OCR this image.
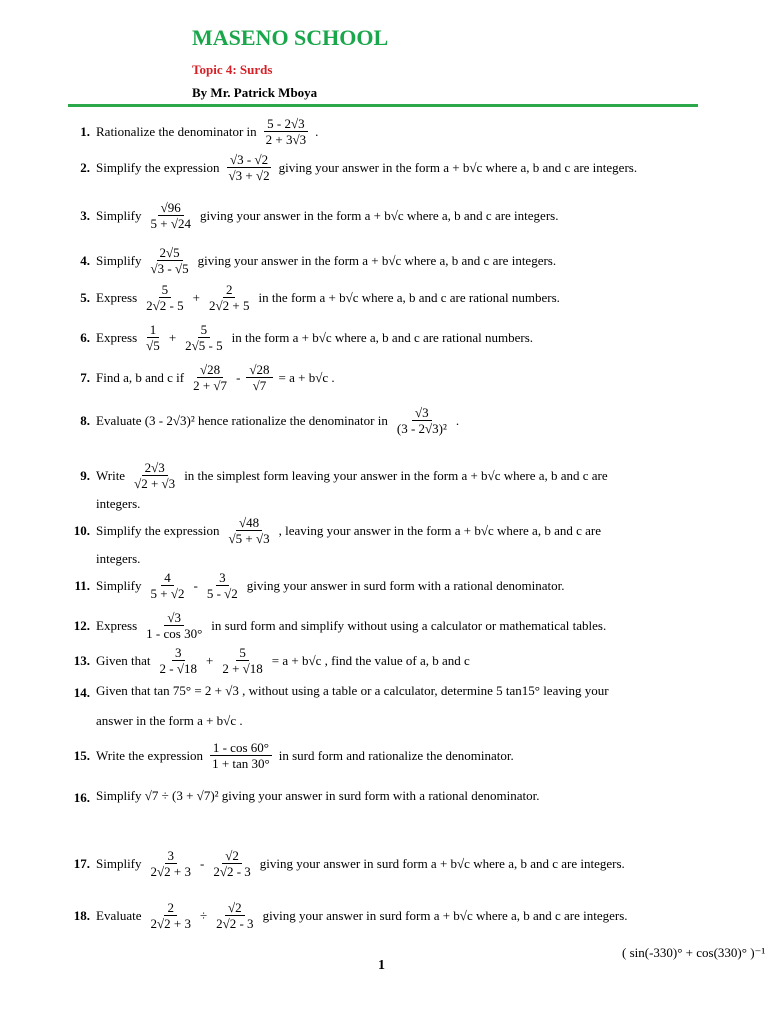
MASENO SCHOOL
Topic 4: Surds
By Mr. Patrick Mboya
1. Rationalize the denominator in $\frac{5 - 2√3}{2 + 3√3}$ .
2. Simplify the expression $\frac{√3 - √2}{√3 + √2}$ giving your answer in the form a + b√c where a, b and c are integers.
3. Simplify $\frac{√96}{5 + √24}$ giving your answer in the form a + b√c where a, b and c are integers.
4. Simplify $\frac{2√5}{√3 - √5}$ giving your answer in the form a + b√c where a, b and c are integers.
5. Express $\frac{5}{2√2 - 5} + \frac{2}{2√2 + 5}$ in the form a + b√c where a, b and c are rational numbers.
6. Express $\frac{1}{√5} + \frac{5}{2√5 - 5}$ in the form a + b√c where a, b and c are rational numbers.
7. Find a, b and c if $\frac{√28}{2 + √7} - \frac{√28}{√7} = a + b√c$ .
8. Evaluate (3 - 2√3)² hence rationalize the denominator in $\frac{√3}{\text{(3 - 2√3)²}}$ .
9. Write $\frac{2√3}{√2 + √3}$ in the simplest form leaving your answer in the form a + b√c where a, b and c are
integers.
10. Simplify the expression $\frac{√48}{√5 + √3}$ , leaving your answer in the form a + b√c where a, b and c are
integers.
11. Simplify $\frac{4}{5 + √2} - \frac{3}{5 - √2}$ giving your answer in surd form with a rational denominator.
12. Express $\frac{√3}{1 - \cos 30^\circ}$ in surd form and simplify without using a calculator or mathematical tables.
13. Given that $\frac{3}{2 - √18} + \frac{5}{2 + √18} = a + b√c$ , find the value of a, b and c
14. Given that tan 75° = 2 + √3 , without using a table or a calculator, determine 5 tan15° leaving your
answer in the form a + b√c .
15. Write the expression $\frac{1 - \cos 60^\circ}{1 + \tan 30^\circ}$ in surd form and rationalize the denominator.
16. Simplify √7 ÷ (3 + √7)² giving your answer in surd form with a rational denominator.
17. Simplify $\frac{3}{2√2 + 3} - \frac{√2}{2√2 - 3}$ giving your answer in surd form a + b√c where a, b and c are integers.
18. Evaluate $\frac{2}{2√2 + 3} \div \frac{√2}{2√2 - 3}$ giving your answer in surd form a + b√c where a, b and c are integers.
( sin(-330)° + cos(330)° )⁻¹
1
